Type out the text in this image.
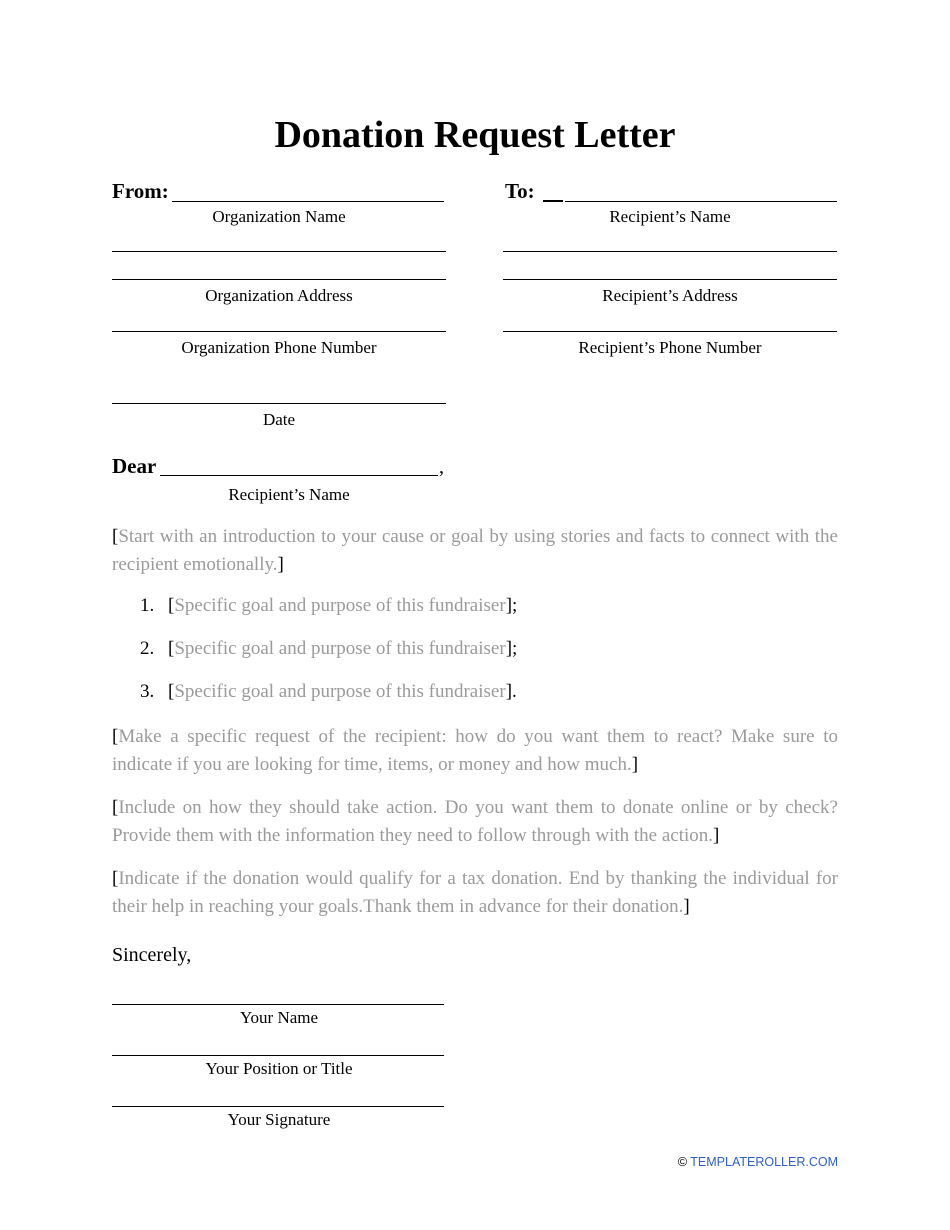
Donation Request Letter
From:
Organization Name
Organization Address
Organization Phone Number
Date
To:
Recipient’s Name
Recipient’s Address
Recipient’s Phone Number
Dear	,
Recipient’s Name
[Start with an introduction to your cause or goal by using stories and facts to connect with the recipient emotionally.]
1. [Specific goal and purpose of this fundraiser];
2. [Specific goal and purpose of this fundraiser];
3. [Specific goal and purpose of this fundraiser].
[Make a specific request of the recipient: how do you want them to react? Make sure to indicate if you are looking for time, items, or money and how much.]
[Include on how they should take action. Do you want them to donate online or by check? Provide them with the information they need to follow through with the action.]
[Indicate if the donation would qualify for a tax donation. End by thanking the individual for their help in reaching your goals.Thank them in advance for their donation.]
Sincerely,
Your Name
Your Position or Title
Your Signature
© TEMPLATEROLLER.COM
